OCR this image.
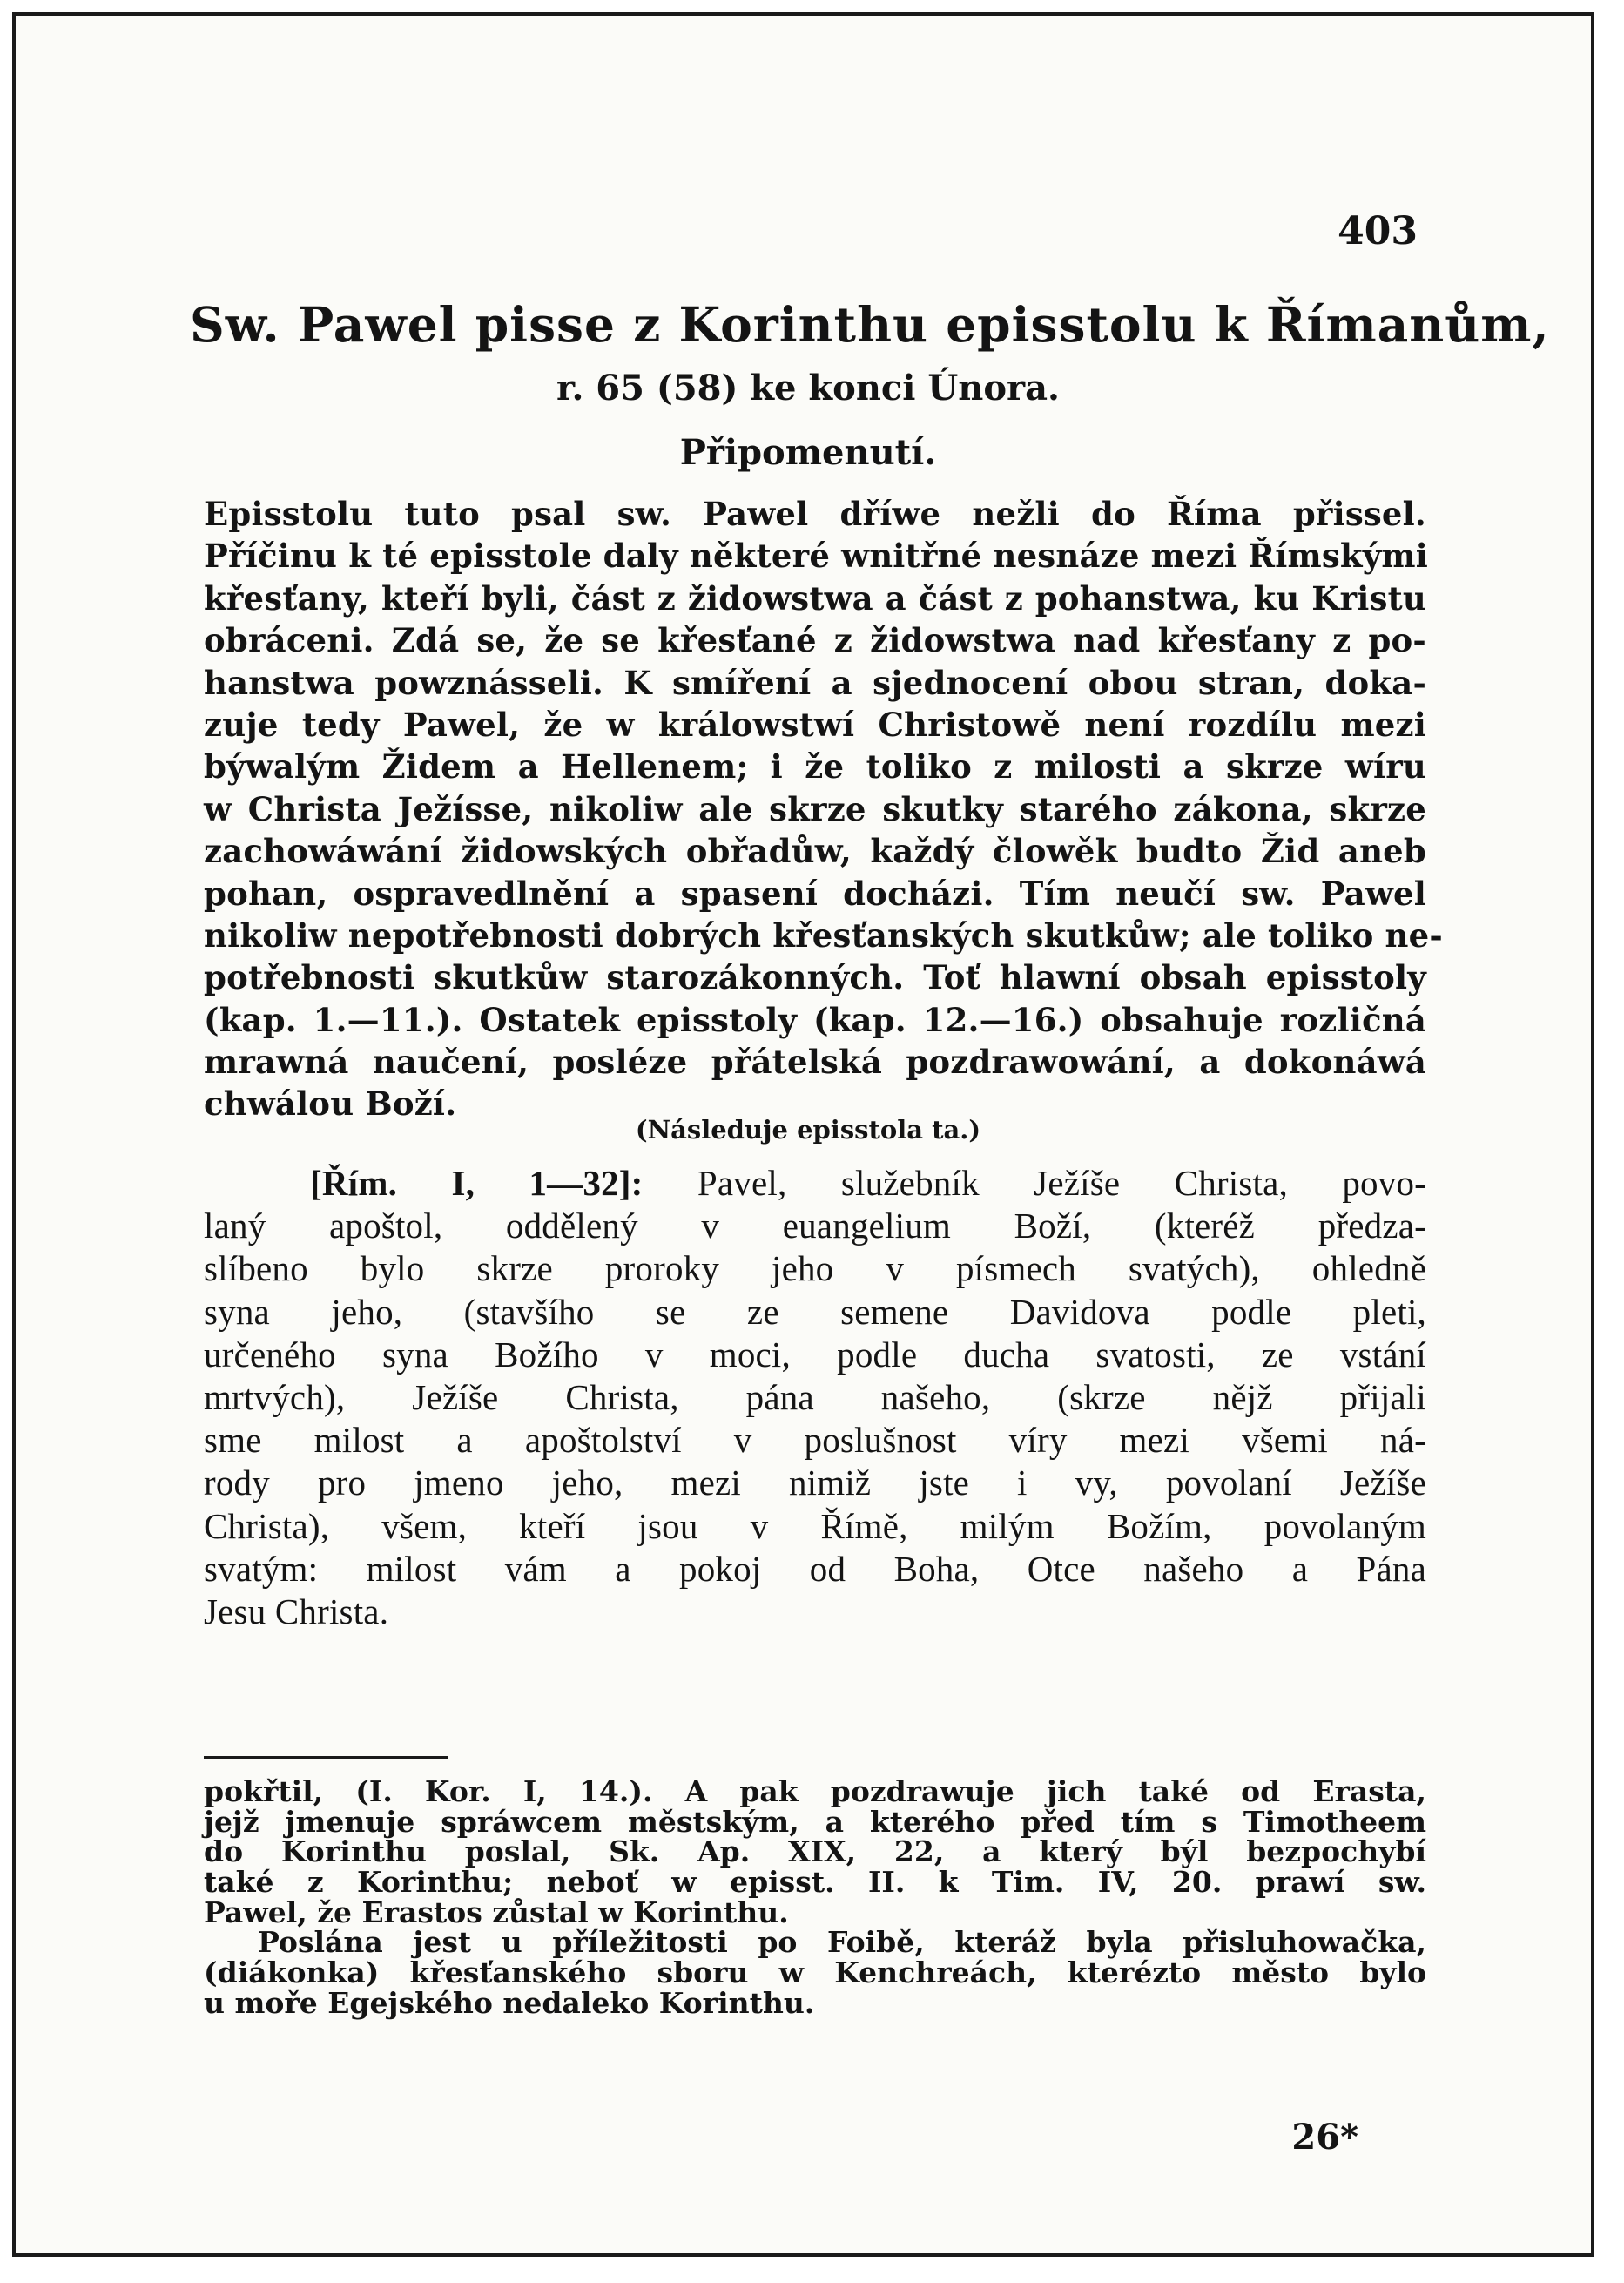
403
Sw. Pawel pisse z Korinthu episstolu k Římanům,
r. 65 (58) ke konci Února.
Připomenutí.
Episstolu tuto psal sw. Pawel dříwe nežli do Říma přissel.
Příčinu k té episstole daly některé wnitřné nesnáze mezi Římskými
křesťany, kteří byli, část z židowstwa a část z pohanstwa, ku Kristu
obráceni. Zdá se, že se křesťané z židowstwa nad křesťany z po-
hanstwa powznásseli. K smíření a sjednocení obou stran, doka-
zuje tedy Pawel, že w králowstwí Christowě není rozdílu mezi
býwalým Židem a Hellenem; i že toliko z milosti a skrze wíru
w Christa Ježísse, nikoliw ale skrze skutky starého zákona, skrze
zachowáwání židowských obřadůw, každý člowěk budto Žid aneb
pohan, ospravedlnění a spasení docházi. Tím neučí sw. Pawel
nikoliw nepotřebnosti dobrých křesťanských skutkůw; ale toliko ne-
potřebnosti skutkůw starozákonných. Toť hlawní obsah episstoly
(kap. 1.—11.). Ostatek episstoly (kap. 12.—16.) obsahuje rozličná
mrawná naučení, posléze přátelská pozdrawowání, a dokonáwá
chwálou Boží.
(Následuje episstola ta.)
[Řím. I, 1—32]: Pavel, služebník Ježíše Christa, povo-
laný apoštol, oddělený v euangelium Boží, (kteréž předza-
slíbeno bylo skrze proroky jeho v písmech svatých), ohledně
syna jeho, (stavšího se ze semene Davidova podle pleti,
určeného syna Božího v moci, podle ducha svatosti, ze vstání
mrtvých), Ježíše Christa, pána našeho, (skrze nějž přijali
sme milost a apoštolství v poslušnost víry mezi všemi ná-
rody pro jmeno jeho, mezi nimiž jste i vy, povolaní Ježíše
Christa), všem, kteří jsou v Římě, milým Božím, povolaným
svatým: milost vám a pokoj od Boha, Otce našeho a Pána
Jesu Christa.
pokřtil, (I. Kor. I, 14.). A pak pozdrawuje jich také od Erasta,
jejž jmenuje spráwcem městským, a kterého před tím s Timotheem
do Korinthu poslal, Sk. Ap. XIX, 22, a který býl bezpochybí
také z Korinthu; neboť w episst. II. k Tim. IV, 20. prawí sw.
Pawel, že Erastos zůstal w Korinthu.
Poslána jest u příležitosti po Foibě, kteráž byla přisluhowačka,
(diákonka) křesťanského sboru w Kenchreách, kterézto město bylo
u moře Egejského nedaleko Korinthu.
26*
